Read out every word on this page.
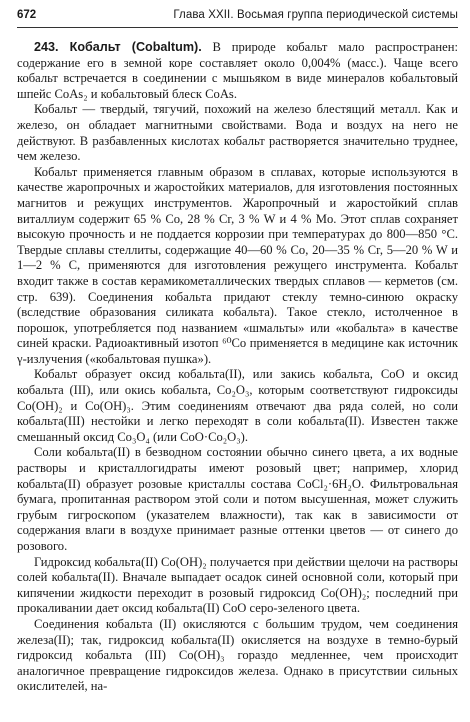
672	Глава XXII. Восьмая группа периодической системы

243. Кобальт (Cobaltum). В природе кобальт мало распространен: содержание его в земной коре составляет около 0,004% (масс.). Чаще всего кобальт встречается в соединении с мышьяком в виде минералов кобальтовый шпейс CoAs₂ и кобальтовый блеск CoAs.

Кобальт — твердый, тягучий, похожий на железо блестящий металл. Как и железо, он обладает магнитными свойствами. Вода и воздух на него не действуют. В разбавленных кислотах кобальт растворяется значительно труднее, чем железо.

Кобальт применяется главным образом в сплавах, которые используются в качестве жаропрочных и жаростойких материалов, для изготовления постоянных магнитов и режущих инструментов. Жаропрочный и жаростойкий сплав виталлиум содержит 65 % Co, 28 % Cr, 3 % W и 4 % Mo. Этот сплав сохраняет высокую прочность и не поддается коррозии при температурах до 800—850 °C. Твердые сплавы стеллиты, содержащие 40—60 % Co, 20—35 % Cr, 5—20 % W и 1—2 % C, применяются для изготовления режущего инструмента. Кобальт входит также в состав керамикометаллических твердых сплавов — керметов (см. стр. 639). Соединения кобальта придают стеклу темно-синюю окраску (вследствие образования силиката кобальта). Такое стекло, истолченное в порошок, употребляется под названием «шмальты» или «кобальта» в качестве синей краски. Радиоактивный изотоп ⁶⁰Co применяется в медицине как источник γ-излучения («кобальтовая пушка»).

Кобальт образует оксид кобальта(II), или закись кобальта, CoO и оксид кобальта (III), или окись кобальта, Co₂O₃, которым соответствуют гидроксиды Co(OH)₂ и Co(OH)₃. Этим соединениям отвечают два ряда солей, но соли кобальта(III) нестойки и легко переходят в соли кобальта(II). Известен также смешанный оксид Co₃O₄ (или CoO·Co₂O₃).

Соли кобальта(II) в безводном состоянии обычно синего цвета, а их водные растворы и кристаллогидраты имеют розовый цвет; например, хлорид кобальта(II) образует розовые кристаллы состава CoCl₂·6H₂O. Фильтровальная бумага, пропитанная раствором этой соли и потом высушенная, может служить грубым гигроскопом (указателем влажности), так как в зависимости от содержания влаги в воздухе принимает разные оттенки цветов — от синего до розового.

Гидроксид кобальта(II) Co(OH)₂ получается при действии щелочи на растворы солей кобальта(II). Вначале выпадает осадок синей основной соли, который при кипячении жидкости переходит в розовый гидроксид Co(OH)₂; последний при прокаливании дает оксид кобальта(II) CoO серо-зеленого цвета.

Соединения кобальта (II) окисляются с большим трудом, чем соединения железа(II); так, гидроксид кобальта(II) окисляется на воздухе в темно-бурый гидроксид кобальта (III) Co(OH)₃ гораздо медленнее, чем происходит аналогичное превращение гидроксидов железа. Однако в присутствии сильных окислителей, на-
